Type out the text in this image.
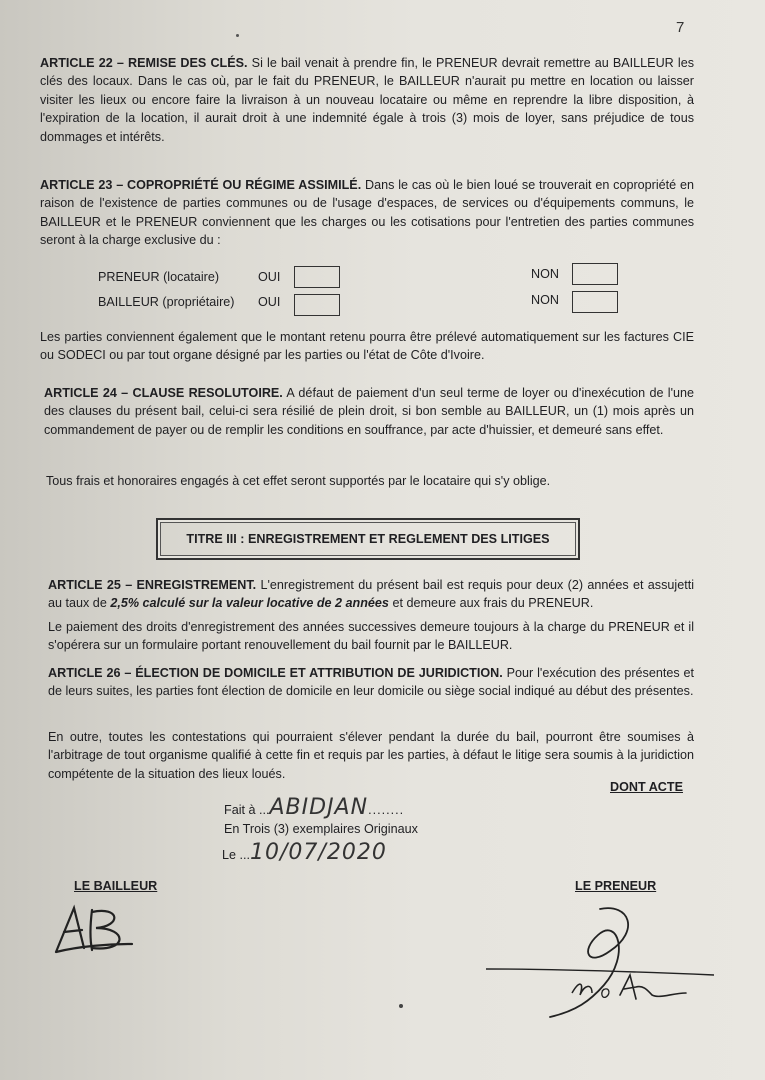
7
ARTICLE 22 – REMISE DES CLÉS. Si le bail venait à prendre fin, le PRENEUR devrait remettre au BAILLEUR les clés des locaux. Dans le cas où, par le fait du PRENEUR, le BAILLEUR n'aurait pu mettre en location ou laisser visiter les lieux ou encore faire la livraison à un nouveau locataire ou même en reprendre la libre disposition, à l'expiration de la location, il aurait droit à une indemnité égale à trois (3) mois de loyer, sans préjudice de tous dommages et intérêts.
ARTICLE 23 – COPROPRIÉTÉ OU RÉGIME ASSIMILÉ. Dans le cas où le bien loué se trouverait en copropriété en raison de l'existence de parties communes ou de l'usage d'espaces, de services ou d'équipements communs, le BAILLEUR et le PRENEUR conviennent que les charges ou les cotisations pour l'entretien des parties communes seront à la charge exclusive du :
PRENEUR (locataire)	OUI	NON
BAILLEUR (propriétaire) OUI	NON
Les parties conviennent également que le montant retenu pourra être prélevé automatiquement sur les factures CIE ou SODECI ou par tout organe désigné par les parties ou l'état de Côte d'Ivoire.
ARTICLE 24 – CLAUSE RESOLUTOIRE. A défaut de paiement d'un seul terme de loyer ou d'inexécution de l'une des clauses du présent bail, celui-ci sera résilié de plein droit, si bon semble au BAILLEUR, un (1) mois après un commandement de payer ou de remplir les conditions en souffrance, par acte d'huissier, et demeuré sans effet.
Tous frais et honoraires engagés à cet effet seront supportés par le locataire qui s'y oblige.
TITRE III : ENREGISTREMENT ET REGLEMENT DES LITIGES
ARTICLE 25 – ENREGISTREMENT. L'enregistrement du présent bail est requis pour deux (2) années et assujetti au taux de 2,5% calculé sur la valeur locative de 2 années et demeure aux frais du PRENEUR.
Le paiement des droits d'enregistrement des années successives demeure toujours à la charge du PRENEUR et il s'opérera sur un formulaire portant renouvellement du bail fournit par le BAILLEUR.
ARTICLE 26 – ÉLECTION DE DOMICILE ET ATTRIBUTION DE JURIDICTION. Pour l'exécution des présentes et de leurs suites, les parties font élection de domicile en leur domicile ou siège social indiqué au début des présentes.
En outre, toutes les contestations qui pourraient s'élever pendant la durée du bail, pourront être soumises à l'arbitrage de tout organisme qualifié à cette fin et requis par les parties, à défaut le litige sera soumis à la juridiction compétente de la situation des lieux loués.
DONT ACTE
Fait à ...ABIDJAN........
En Trois (3) exemplaires Originaux
Le ...10/07/2020
LE BAILLEUR	LE PRENEUR
